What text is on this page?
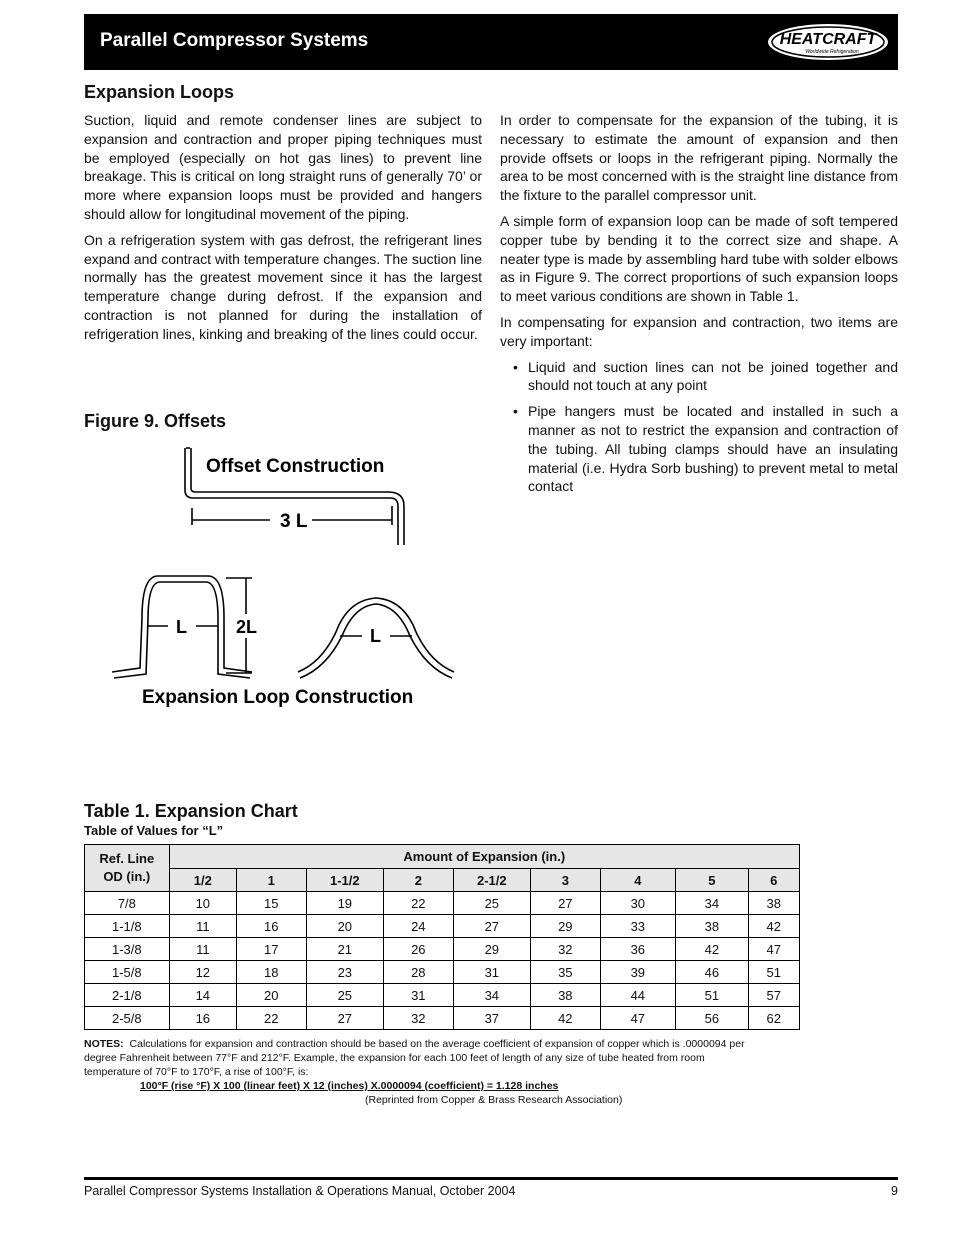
Parallel Compressor Systems	HEATCRAFT
Worldwide Refrigeration
Expansion Loops

Suction, liquid and remote condenser lines are subject to expansion and contraction and proper piping techniques must be employed (especially on hot gas lines) to prevent line breakage. This is critical on long straight runs of generally 70’ or more where expansion loops must be provided and hangers should allow for longitudinal movement of the piping.

On a refrigeration system with gas defrost, the refrigerant lines expand and contract with temperature changes. The suction line normally has the greatest movement since it has the largest temperature change during defrost. If the expansion and contraction is not planned for during the installation of refrigeration lines, kinking and breaking of the lines could occur.

In order to compensate for the expansion of the tubing, it is necessary to estimate the amount of expansion and then provide offsets or loops in the refrigerant piping. Normally the area to be most concerned with is the straight line distance from the fixture to the parallel compressor unit.

A simple form of expansion loop can be made of soft tempered copper tube by bending it to the correct size and shape. A neater type is made by assembling hard tube with solder elbows as in Figure 9. The correct proportions of such expansion loops to meet various conditions are shown in Table 1.

In compensating for expansion and contraction, two items are very important:

• Liquid and suction lines can not be joined together and should not touch at any point
• Pipe hangers must be located and installed in such a manner as not to restrict the expansion and contraction of the tubing. All tubing clamps should have an insulating material (i.e. Hydra Sorb bushing) to prevent metal to metal contact
Figure 9. Offsets
Offset Construction
3 L
L	2L	L
Expansion Loop Construction
Table 1. Expansion Chart
Table of Values for “L”
Ref. Line OD (in.)	Amount of Expansion (in.)								
	1/2	1	1-1/2	2	2-1/2	3	4	5	6
7/8	10	15	19	22	25	27	30	34	38
1-1/8	11	16	20	24	27	29	33	38	42
1-3/8	11	17	21	26	29	32	36	42	47
1-5/8	12	18	23	28	31	35	39	46	51
2-1/8	14	20	25	31	34	38	44	51	57
2-5/8	16	22	27	32	37	42	47	56	62
NOTES: Calculations for expansion and contraction should be based on the average coefficient of expansion of copper which is .0000094 per degree Fahrenheit between 77°F and 212°F. Example, the expansion for each 100 feet of length of any size of tube heated from room temperature of 70°F to 170°F, a rise of 100°F, is:
100°F (rise °F) X 100 (linear feet) X 12 (inches) X.0000094 (coefficient) = 1.128 inches
(Reprinted from Copper & Brass Research Association)
Parallel Compressor Systems Installation & Operations Manual, October 2004	9
